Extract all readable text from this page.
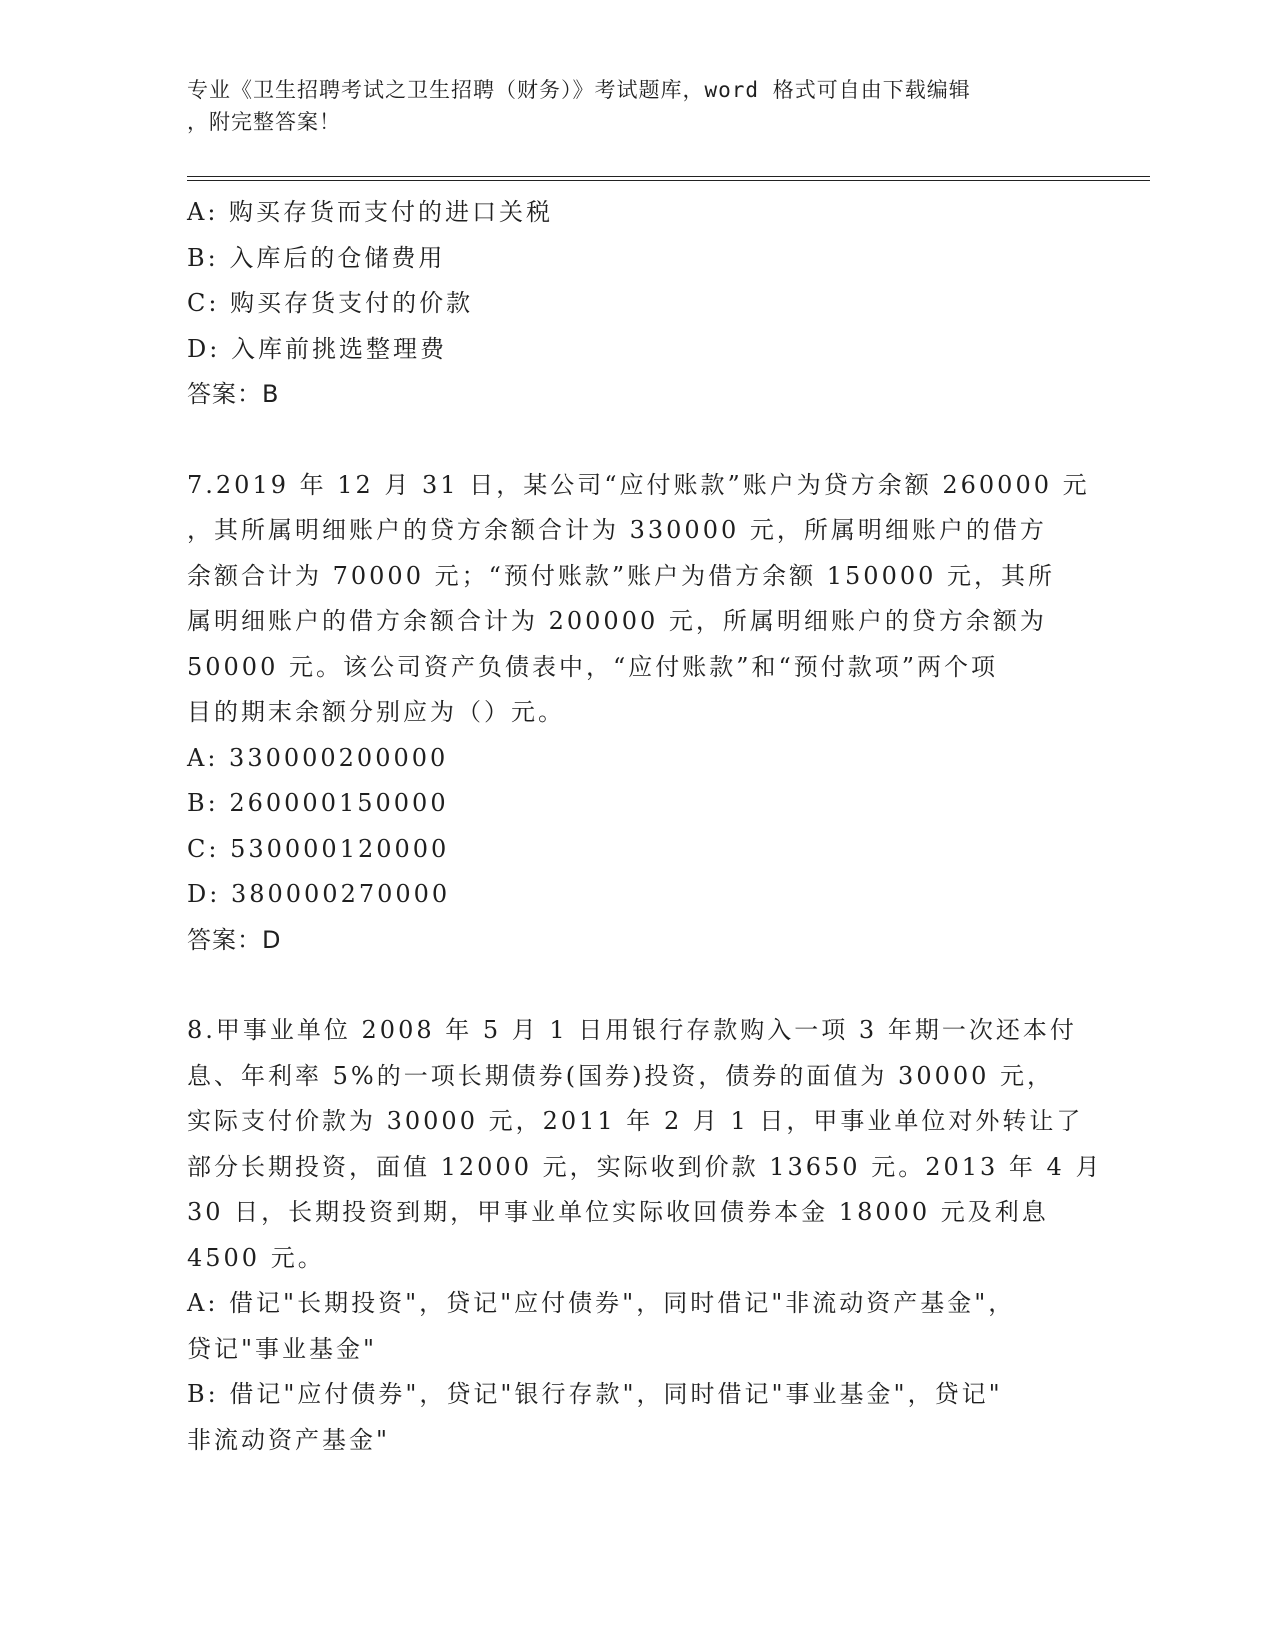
专业《卫生招聘考试之卫生招聘（财务）》考试题库，word 格式可自由下载编辑
，附完整答案！
A: 购买存货而支付的进口关税
B: 入库后的仓储费用
C: 购买存货支付的价款
D: 入库前挑选整理费
答案：B
7.2019 年 12 月 31 日，某公司“应付账款”账户为贷方余额 260000 元
，其所属明细账户的贷方余额合计为 330000 元，所属明细账户的借方
余额合计为 70000 元；“预付账款”账户为借方余额 150000 元，其所
属明细账户的借方余额合计为 200000 元，所属明细账户的贷方余额为
50000 元。该公司资产负债表中，“应付账款”和“预付款项”两个项
目的期末余额分别应为（）元。
A: 330000200000
B: 260000150000
C: 530000120000
D: 380000270000
答案：D
8.甲事业单位 2008 年 5 月 1 日用银行存款购入一项 3 年期一次还本付
息、年利率 5%的一项长期债券(国券)投资，债券的面值为 30000 元，
实际支付价款为 30000 元，2011 年 2 月 1 日，甲事业单位对外转让了
部分长期投资，面值 12000 元，实际收到价款 13650 元。2013 年 4 月
30 日，长期投资到期，甲事业单位实际收回债券本金 18000 元及利息
4500 元。
A: 借记"长期投资"，贷记"应付债券"，同时借记"非流动资产基金"，
贷记"事业基金"
B: 借记"应付债券"，贷记"银行存款"，同时借记"事业基金"，贷记"
非流动资产基金"
